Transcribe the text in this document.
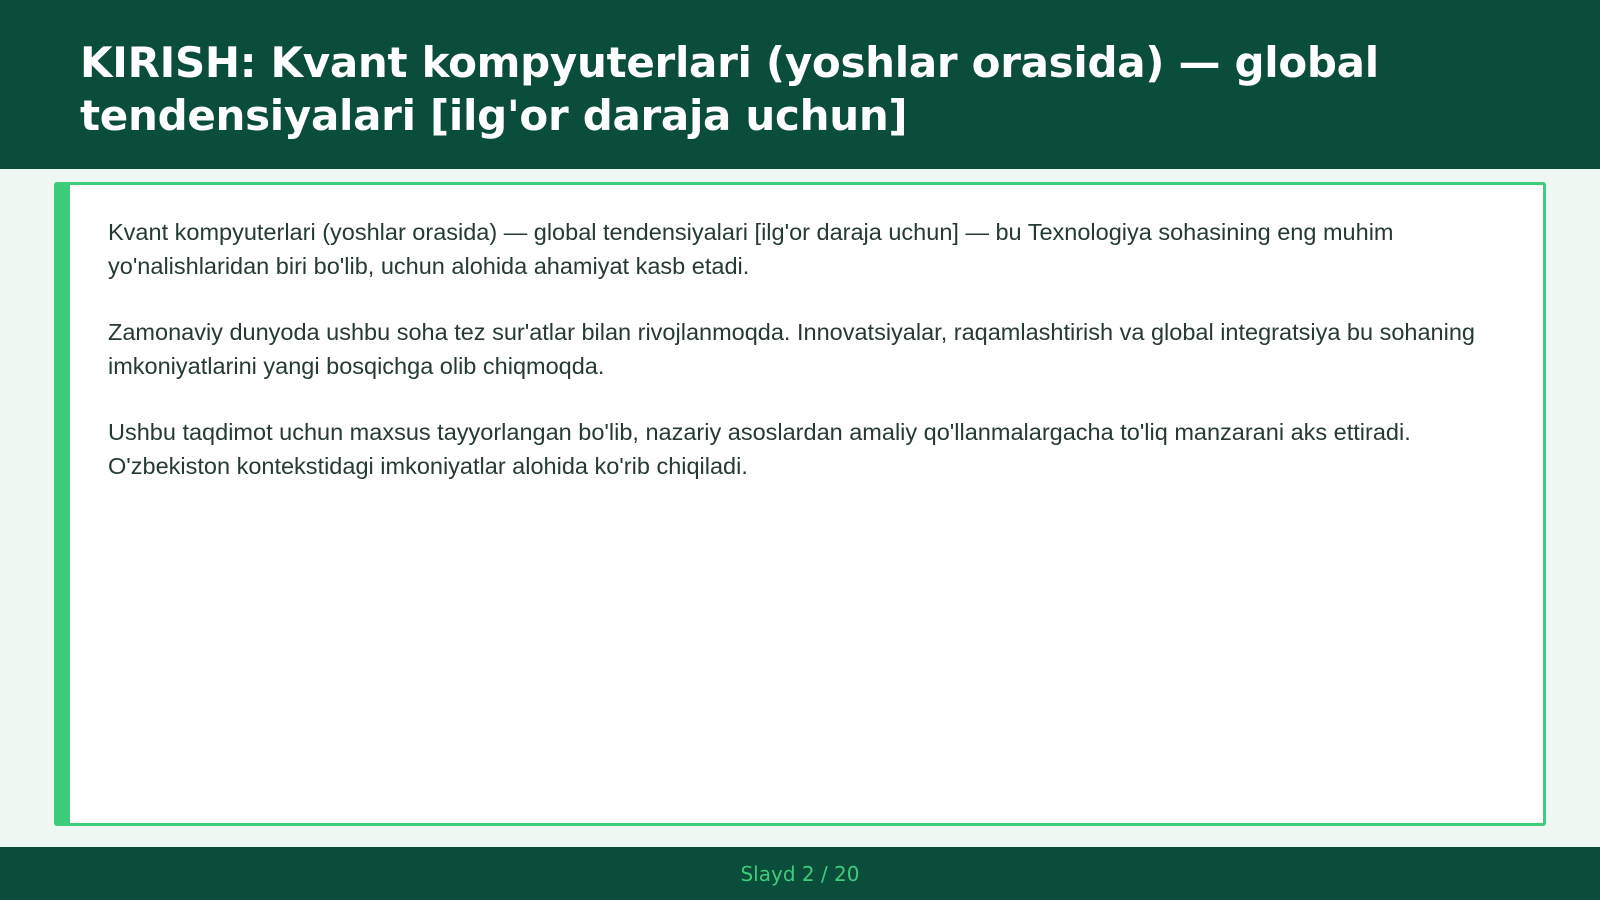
KIRISH: Kvant kompyuterlari (yoshlar orasida) — global tendensiyalari [ilg'or daraja uchun]

Kvant kompyuterlari (yoshlar orasida) — global tendensiyalari [ilg'or daraja uchun] — bu Texnologiya sohasining eng muhim yo'nalishlaridan biri bo'lib, uchun alohida ahamiyat kasb etadi.

Zamonaviy dunyoda ushbu soha tez sur'atlar bilan rivojlanmoqda. Innovatsiyalar, raqamlashtirish va global integratsiya bu sohaning imkoniyatlarini yangi bosqichga olib chiqmoqda.

Ushbu taqdimot uchun maxsus tayyorlangan bo'lib, nazariy asoslardan amaliy qo'llanmalargacha to'liq manzarani aks ettiradi. O'zbekiston kontekstidagi imkoniyatlar alohida ko'rib chiqiladi.

Slayd 2 / 20
